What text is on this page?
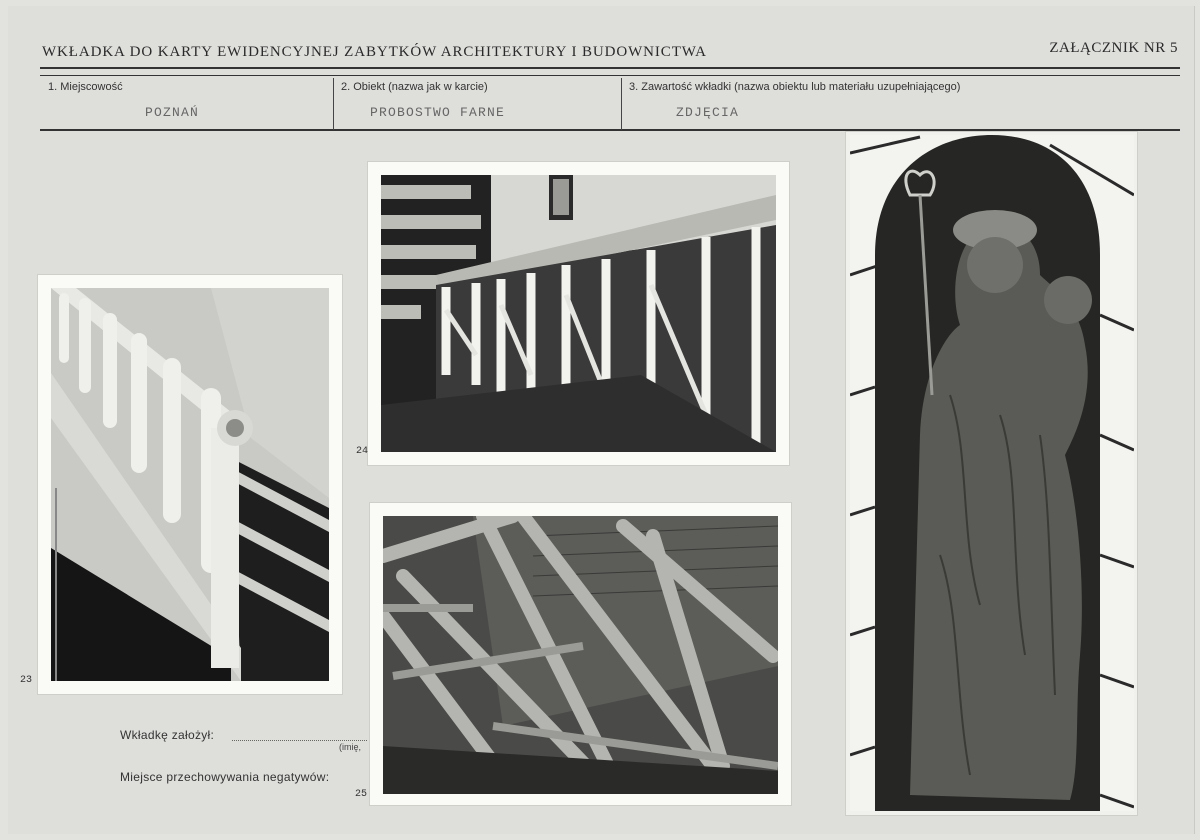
WKŁADKA DO KARTY EWIDENCYJNEJ ZABYTKÓW ARCHITEKTURY I BUDOWNICTWA	ZAŁĄCZNIK NR 5
1. Miejscowość
POZNAŃ
2. Obiekt (nazwa jak w karcie)
PROBOSTWO FARNE
3. Zawartość wkładki (nazwa obiektu lub materiału uzupełniającego)
ZDJĘCIA
23
24
25
Wkładkę założył:
(imię,
Miejsce przechowywania negatywów:
